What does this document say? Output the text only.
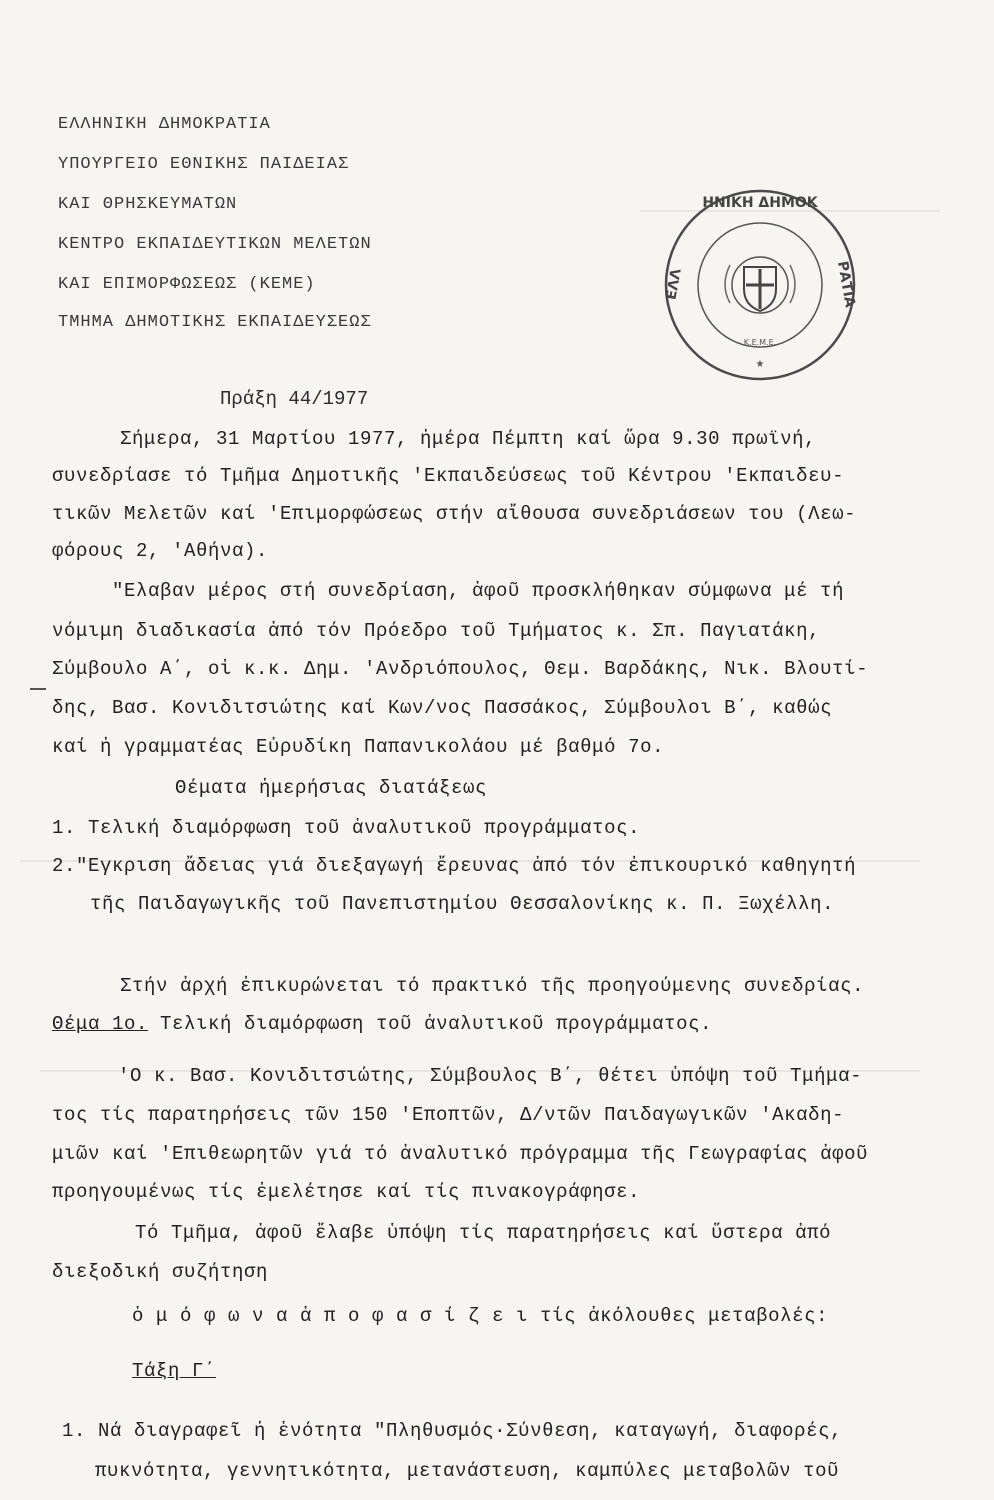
ΕΛΛΗΝΙΚΗ ΔΗΜΟΚΡΑΤΙΑ
ΥΠΟΥΡΓΕΙΟ ΕΘΝΙΚΗΣ ΠΑΙΔΕΙΑΣ
ΚΑΙ ΘΡΗΣΚΕΥΜΑΤΩΝ
ΚΕΝΤΡΟ ΕΚΠΑΙΔΕΥΤΙΚΩΝ ΜΕΛΕΤΩΝ
ΚΑΙ ΕΠΙΜΟΡΦΩΣΕΩΣ (ΚΕΜΕ)
ΤΜΗΜΑ ΔΗΜΟΤΙΚΗΣ ΕΚΠΑΙΔΕΥΣΕΩΣ
★
ΗΝΙΚΗ ΔΗΜΟΚ
ΕΛΛ	ΡΑΤΙΑ
Κ.Ε.Μ.Ε.
Πράξη 44/1977
Σήμερα, 31 Μαρτίου 1977, ἡμέρα Πέμπτη καί ὥρα 9.30 πρωϊνή,
συνεδρίασε τό Τμῆμα Δημοτικῆς 'Εκπαιδεύσεως τοῦ Κέντρου 'Εκπαιδευ-
τικῶν Μελετῶν καί 'Επιμορφώσεως στήν αἴθουσα συνεδριάσεων του (Λεω-
φόρους 2, 'Αθήνα).
"Ελαβαν μέρος στή συνεδρίαση, ἀφοῦ προσκλήθηκαν σύμφωνα μέ τή
νόμιμη διαδικασία ἀπό τόν Πρόεδρο τοῦ Τμήματος κ. Σπ. Παγιατάκη,
Σύμβουλο Α΄, οἱ κ.κ. Δημ. 'Ανδριόπουλος, Θεμ. Βαρδάκης, Νικ. Βλουτί-
δης, Βασ. Κονιδιτσιώτης καί Κων/νος Πασσάκος, Σύμβουλοι Β΄, καθώς
καί ἡ γραμματέας Εὐρυδίκη Παπανικολάου μέ βαθμό 7ο.
Θέματα ἡμερήσιας διατάξεως
1. Τελική διαμόρφωση τοῦ ἀναλυτικοῦ προγράμματος.
2."Εγκριση ἄδειας γιά διεξαγωγή ἔρευνας ἀπό τόν ἐπικουρικό καθηγητή
τῆς Παιδαγωγικῆς τοῦ Πανεπιστημίου Θεσσαλονίκης κ. Π. Ξωχέλλη.
Στήν ἀρχή ἐπικυρώνεται τό πρακτικό τῆς προηγούμενης συνεδρίας.
Θέμα 1ο. Τελική διαμόρφωση τοῦ ἀναλυτικοῦ προγράμματος.
'Ο κ. Βασ. Κονιδιτσιώτης, Σύμβουλος Β΄, θέτει ὑπόψη τοῦ Τμήμα-
τος τίς παρατηρήσεις τῶν 150 'Εποπτῶν, Δ/ντῶν Παιδαγωγικῶν 'Ακαδη-
μιῶν καί 'Επιθεωρητῶν γιά τό ἀναλυτικό πρόγραμμα τῆς Γεωγραφίας ἀφοῦ
προηγουμένως τίς ἐμελέτησε καί τίς πινακογράφησε.
Τό Τμῆμα, ἀφοῦ ἔλαβε ὑπόψη τίς παρατηρήσεις καί ὕστερα ἀπό
διεξοδική συζήτηση
ὁ μ ό φ ω ν α ἀ π ο φ α σ ί ζ ε ι τίς ἀκόλουθες μεταβολές:
Τάξη Γ΄
1. Νά διαγραφεῖ ἡ ἑνότητα "Πληθυσμός·Σύνθεση, καταγωγή, διαφορές,
πυκνότητα, γεννητικότητα, μετανάστευση, καμπύλες μεταβολῶν τοῦ
